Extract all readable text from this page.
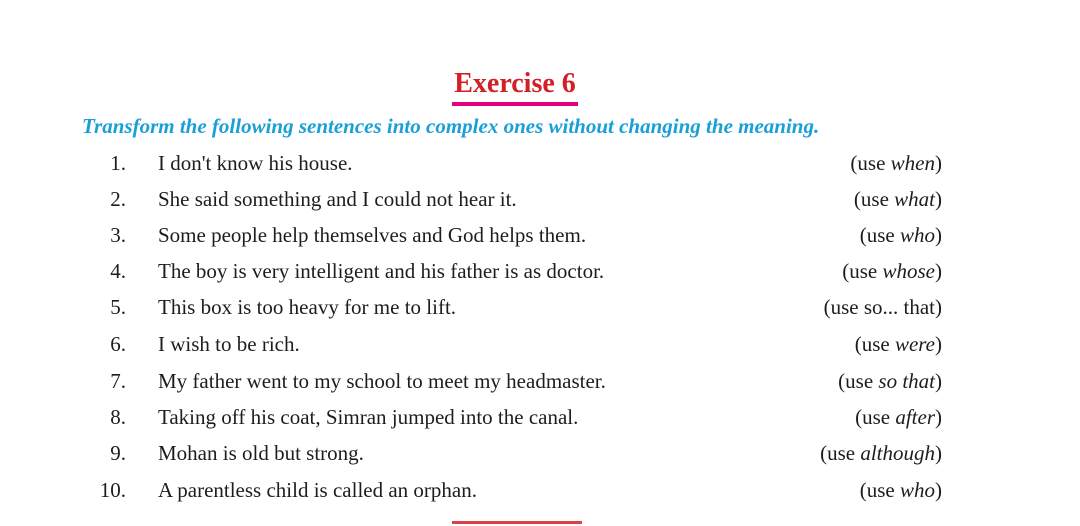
Exercise 6
Transform the following sentences into complex ones without changing the meaning.
1. I don't know his house.	(use when)
2. She said something and I could not hear it.	(use what)
3. Some people help themselves and God helps them.	(use who)
4. The boy is very intelligent and his father is as doctor.	(use whose)
5. This box is too heavy for me to lift.	(use so... that)
6. I wish to be rich.	(use were)
7. My father went to my school to meet my headmaster.	(use so that)
8. Taking off his coat, Simran jumped into the canal.	(use after)
9. Mohan is old but strong.	(use although)
10. A parentless child is called an orphan.	(use who)
